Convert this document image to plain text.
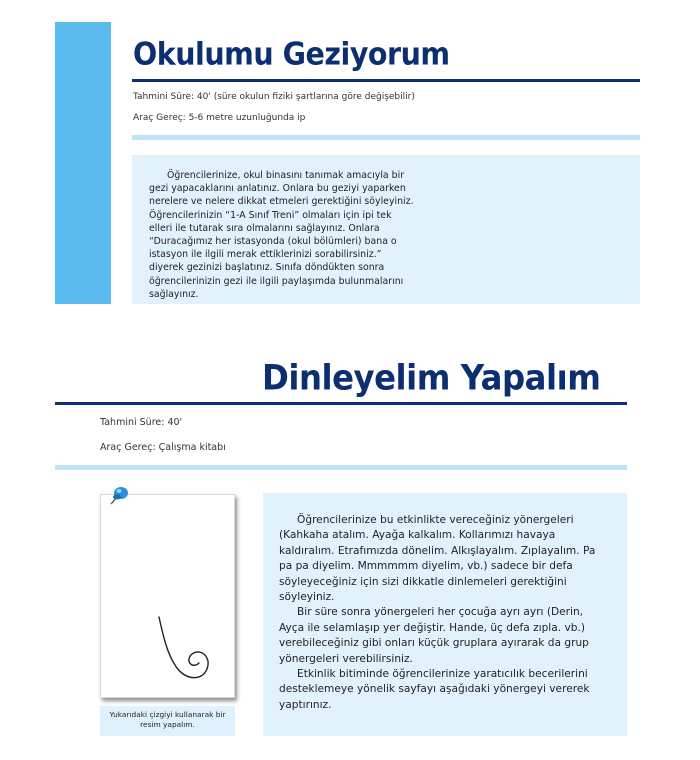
Okulumu Geziyorum
Tahmini Süre: 40' (süre okulun fiziki şartlarına göre değişebilir)
Araç Gereç: 5-6 metre uzunluğunda ip

Öğrencilerinize, okul binasını tanımak amacıyla bir gezi yapacaklarını anlatınız. Onlara bu geziyi yaparken nerelere ve nelere dikkat etmeleri gerektiğini söyleyiniz. Öğrencilerinizin “1-A Sınıf Treni” olmaları için ipi tek elleri ile tutarak sıra olmalarını sağlayınız. Onlara “Duracağımız her istasyonda (okul bölümleri) bana o istasyon ile ilgili merak ettiklerinizi sorabilirsiniz.” diyerek gezinizi başlatınız. Sınıfa döndükten sonra öğrencilerinizin gezi ile ilgili paylaşımda bulunmalarını sağlayınız.

Dinleyelim Yapalım
Tahmini Süre: 40'
Araç Gereç: Çalışma kitabı
Yukarıdaki çizgiyi kullanarak bir resim yapalım.

Öğrencilerinize bu etkinlikte vereceğiniz yönergeleri (Kahkaha atalım. Ayağa kalkalım. Kollarımızı havaya kaldıralım. Etrafımızda dönelim. Alkışlayalım. Zıplayalım. Pa pa pa diyelim. Mmmmmm diyelim, vb.) sadece bir defa söyleyeceğiniz için sizi dikkatle dinlemeleri gerektiğini söyleyiniz.

Bir süre sonra yönergeleri her çocuğa ayrı ayrı (Derin, Ayça ile selamlaşıp yer değiştir. Hande, üç defa zıpla. vb.) verebileceğiniz gibi onları küçük gruplara ayırarak da grup yönergeleri verebilirsiniz.

Etkinlik bitiminde öğrencilerinize yaratıcılık becerilerini desteklemeye yönelik sayfayı aşağıdaki yönergeyi vererek yaptırınız.
